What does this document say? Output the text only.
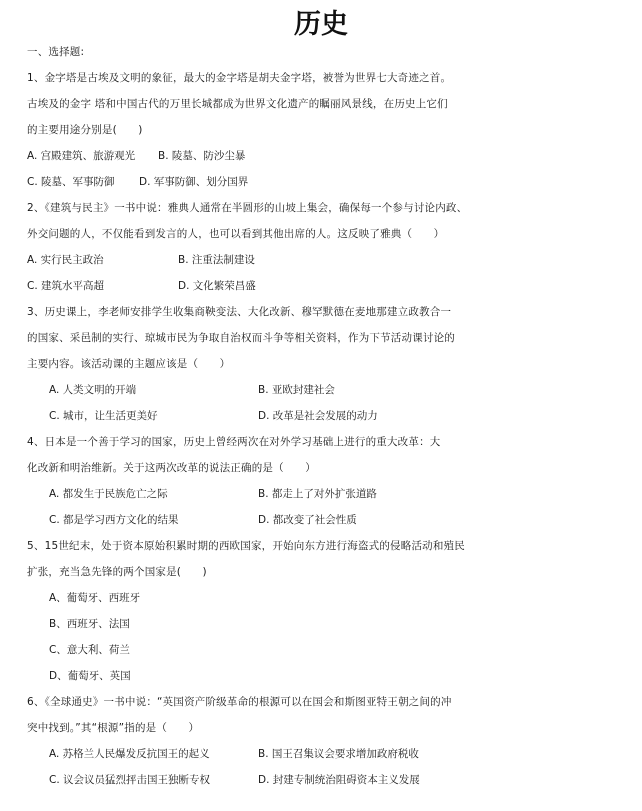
历史
一、选择题:
1、金字塔是古埃及文明的象征，最大的金字塔是胡夫金字塔，被誉为世界七大奇迹之首。
古埃及的金字 塔和中国古代的万里长城都成为世界文化遗产的瞩丽风景线，在历史上它们
的主要用途分别是(　　)
A. 宫殿建筑、旅游观光 B. 陵墓、防沙尘暴
C. 陵墓、军事防御 D. 军事防御、划分国界
2、《建筑与民主》一书中说：雅典人通常在半圆形的山坡上集会，确保每一个参与讨论内政、
外交问题的人，不仅能看到发言的人，也可以看到其他出席的人。这反映了雅典（　　）
A. 实行民主政治	B. 注重法制建设
C. 建筑水平高超	D. 文化繁荣昌盛
3、历史课上，李老师安排学生收集商鞅变法、大化改新、穆罕默德在麦地那建立政教合一
的国家、采邑制的实行、琼城市民为争取自治权而斗争等相关资料，作为下节活动课讨论的
主要内容。该活动课的主题应该是（　　）
A. 人类文明的开端	B. 亚欧封建社会
C. 城市，让生活更美好	D. 改革是社会发展的动力
4、日本是一个善于学习的国家，历史上曾经两次在对外学习基础上进行的重大改革：大
化改新和明治维新。关于这两次改革的说法正确的是（　　）
A. 都发生于民族危亡之际	B. 都走上了对外扩张道路
C. 都是学习西方文化的结果	D. 都改变了社会性质
5、15世纪末，处于资本原始积累时期的西欧国家，开始向东方进行海盗式的侵略活动和殖民
扩张，充当急先锋的两个国家是(　　)
A、葡萄牙、西班牙
B、西班牙、法国
C、意大利、荷兰
D、葡萄牙、英国
6、《全球通史》一书中说：“英国资产阶级革命的根源可以在国会和斯图亚特王朝之间的冲
突中找到。”其“根源”指的是（　　）
A. 苏格兰人民爆发反抗国王的起义	B. 国王召集议会要求增加政府税收
C. 议会议员猛烈抨击国王独断专权	D. 封建专制统治阻碍资本主义发展
